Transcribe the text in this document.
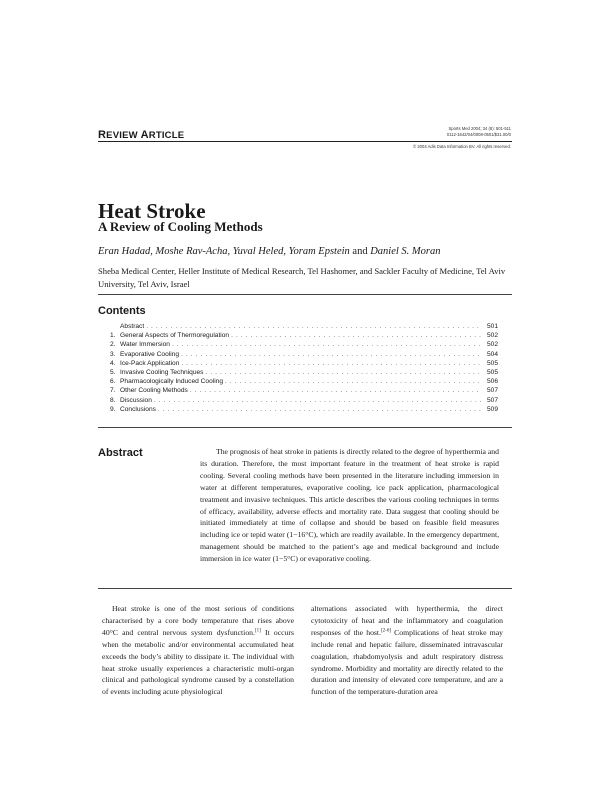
REVIEW ARTICLE
Sports Med 2004; 34 (8): 501-511
0112-1642/04/0008-0501/$31.00/0
© 2004 Adis Data Information BV. All rights reserved.
Heat Stroke
A Review of Cooling Methods
Eran Hadad, Moshe Rav-Acha, Yuval Heled, Yoram Epstein and Daniel S. Moran
Sheba Medical Center, Heller Institute of Medical Research, Tel Hashomer, and Sackler Faculty of Medicine, Tel Aviv University, Tel Aviv, Israel
Contents
Abstract . . .	501
1. General Aspects of Thermoregulation . . .	502
2. Water Immersion . . .	502
3. Evaporative Cooling . . .	504
4. Ice-Pack Application . . .	505
5. Invasive Cooling Techniques . . .	505
6. Pharmacologically Induced Cooling . . .	506
7. Other Cooling Methods . . .	507
8. Discussion . . .	507
9. Conclusions . . .	509
Abstract	The prognosis of heat stroke in patients is directly related to the degree of hyperthermia and its duration. Therefore, the most important feature in the treatment of heat stroke is rapid cooling. Several cooling methods have been presented in the literature including immersion in water at different temperatures, evaporative cooling, ice pack application, pharmacological treatment and invasive techniques. This article describes the various cooling techniques in terms of efficacy, availability, adverse effects and mortality rate. Data suggest that cooling should be initiated immediately at time of collapse and should be based on feasible field measures including ice or tepid water (1−16°C), which are readily available. In the emergency department, management should be matched to the patient’s age and medical background and include immersion in ice water (1−5°C) or evaporative cooling.
Heat stroke is one of the most serious of conditions characterised by a core body temperature that rises above 40°C and central nervous system dysfunction.[1] It occurs when the metabolic and/or environmental accumulated heat exceeds the body’s ability to dissipate it. The individual with heat stroke usually experiences a characteristic multi-organ clinical and pathological syndrome caused by a constellation of events including acute physiological
alternations associated with hyperthermia, the direct cytotoxicity of heat and the inflammatory and coagulation responses of the host.[2-6] Complications of heat stroke may include renal and hepatic failure, disseminated intravascular coagulation, rhabdomyolysis and adult respiratory distress syndrome. Morbidity and mortality are directly related to the duration and intensity of elevated core temperature, and are a function of the temperature-duration area
